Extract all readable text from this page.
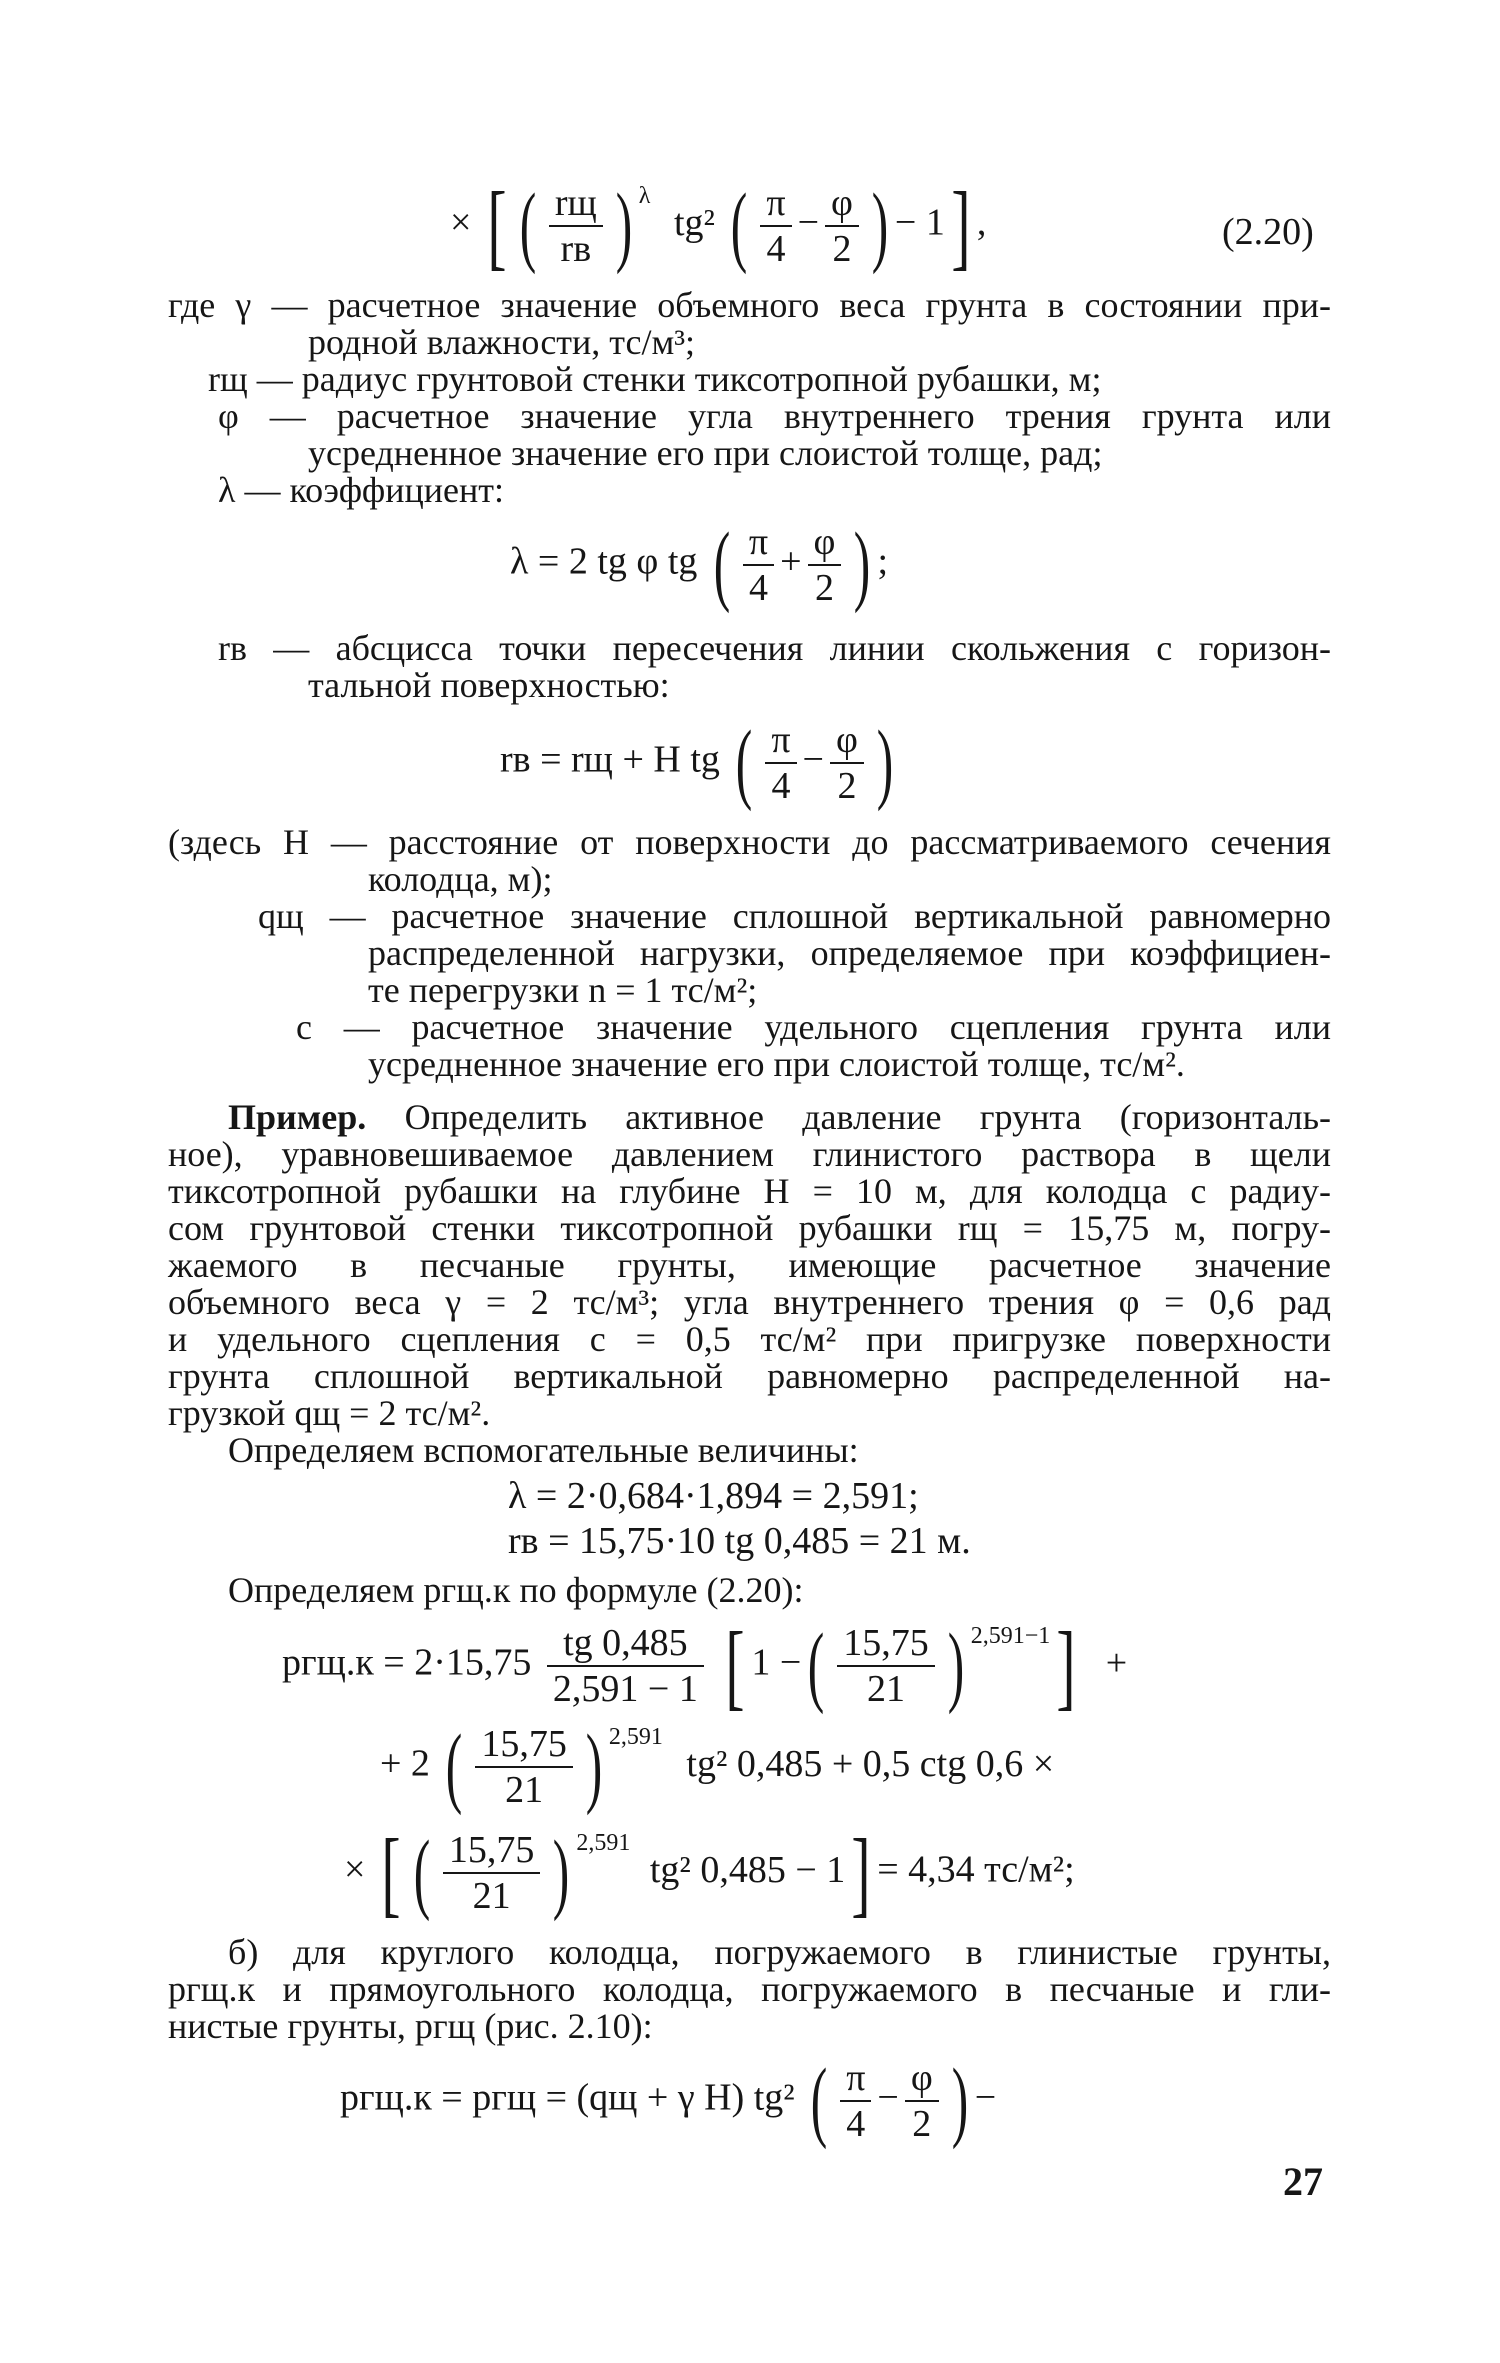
× [ ( rщ
rв ) $^\lambda$ tg² ( $\frac{\pi}{4} - \frac{\varphi}{2}$ ) − 1] ,	(2.20)
где γ — расчетное значение объемного веса грунта в состоянии при-
родной влажности, тс/м³;
rщ — радиус грунтовой стенки тиксотропной рубашки, м;
φ — расчетное значение угла внутреннего трения грунта или
усредненное значение его при слоистой толще, рад;
λ — коэффициент:
λ = 2 tg φ tg ( $\frac{\pi}{4} + \frac{\varphi}{2}$ ) ;
rв — абсцисса точки пересечения линии скольжения с горизон-
тальной поверхностью:
rв = rщ + H tg ( $\frac{\pi}{4} - \frac{\varphi}{2}$ )
(здесь H — расстояние от поверхности до рассматриваемого сечения
колодца, м);
qщ — расчетное значение сплошной вертикальной равномерно
распределенной нагрузки, определяемое при коэффициен-
те перегрузки n = 1 тс/м²;
c — расчетное значение удельного сцепления грунта или
усредненное значение его при слоистой толще, тс/м².
Пример. Определить активное давление грунта (горизонталь-
ное), уравновешиваемое давлением глинистого раствора в щели
тиксотропной рубашки на глубине H = 10 м, для колодца с радиу-
сом грунтовой стенки тиксотропной рубашки rщ = 15,75 м, погру-
жаемого в песчаные грунты, имеющие расчетное значение
объемного веса γ = 2 тс/м³; угла внутреннего трения φ = 0,6 рад
и удельного сцепления c = 0,5 тс/м² при пригрузке поверхности
грунта сплошной вертикальной равномерно распределенной на-
грузкой qщ = 2 тс/м².
Определяем вспомогательные величины:
λ = 2·0,684·1,894 = 2,591;
rв = 15,75·10 tg 0,485 = 21 м.
Определяем pгщ.к по формуле (2.20):
$pгщ.к = 2\cdot 15,75 \frac{tg 0,485}{2,591 - 1}$ [ 1 −( $\frac{15,75}{21}$ ) $^{2,591-1}$] +
+ 2 ( $\frac{15,75}{21}$ ) $^{2,591}$ tg² 0,485 + 0,5 ctg 0,6 ×
× [ ( $\frac{15,75}{21}$ ) $^{2,591}$ tg² 0,485 − 1] = 4,34 тс/м²;
б) для круглого колодца, погружаемого в глинистые грунты,
pгщ.к и прямоугольного колодца, погружаемого в песчаные и гли-
нистые грунты, pгщ (рис. 2.10):
pгщ.к = pгщ = (qщ + γ H) tg² ( $\frac{\pi}{4} - \frac{\varphi}{2}$ ) −
27
